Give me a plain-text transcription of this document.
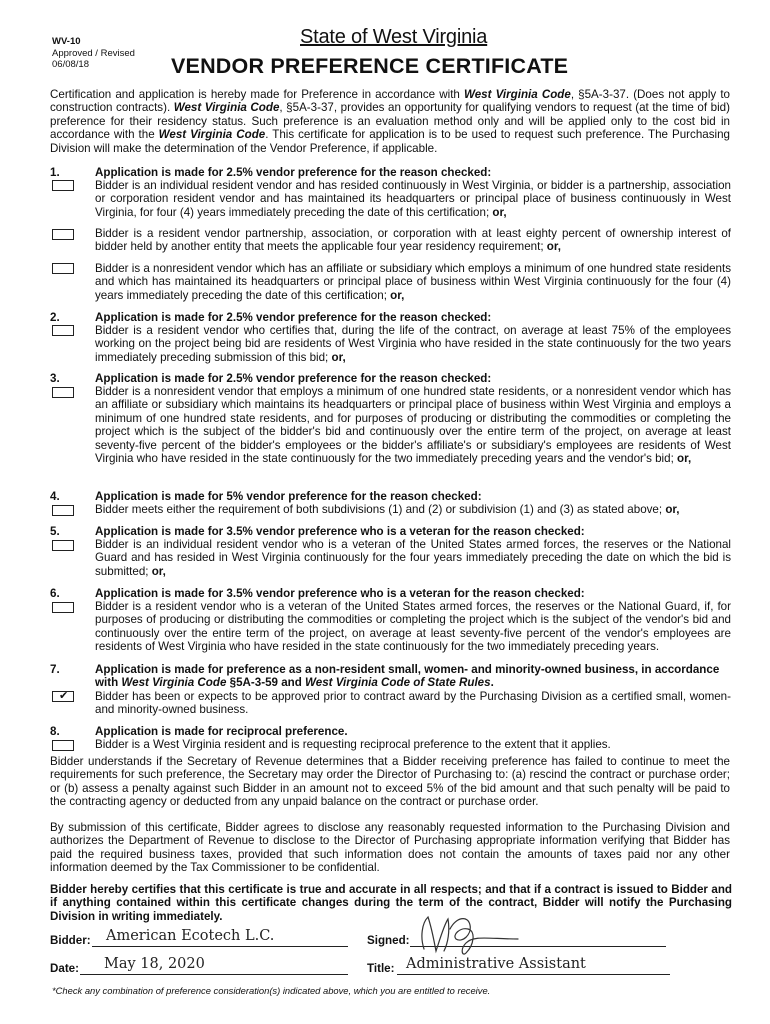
WV-10
Approved / Revised
06/08/18
State of West Virginia
VENDOR PREFERENCE CERTIFICATE

Certification and application is hereby made for Preference in accordance with West Virginia Code, §5A-3-37. (Does not apply to construction contracts). West Virginia Code, §5A-3-37, provides an opportunity for qualifying vendors to request (at the time of bid) preference for their residency status. Such preference is an evaluation method only and will be applied only to the cost bid in accordance with the West Virginia Code. This certificate for application is to be used to request such preference. The Purchasing Division will make the determination of the Vendor Preference, if applicable.

1.	Application is made for 2.5% vendor preference for the reason checked:

Bidder is an individual resident vendor and has resided continuously in West Virginia, or bidder is a partnership, association or corporation resident vendor and has maintained its headquarters or principal place of business continuously in West Virginia, for four (4) years immediately preceding the date of this certification; or,

Bidder is a resident vendor partnership, association, or corporation with at least eighty percent of ownership interest of bidder held by another entity that meets the applicable four year residency requirement; or,

Bidder is a nonresident vendor which has an affiliate or subsidiary which employs a minimum of one hundred state residents and which has maintained its headquarters or principal place of business within West Virginia continuously for the four (4) years immediately preceding the date of this certification; or,

2.	Application is made for 2.5% vendor preference for the reason checked:

Bidder is a resident vendor who certifies that, during the life of the contract, on average at least 75% of the employees working on the project being bid are residents of West Virginia who have resided in the state continuously for the two years immediately preceding submission of this bid; or,

3.	Application is made for 2.5% vendor preference for the reason checked:

Bidder is a nonresident vendor that employs a minimum of one hundred state residents, or a nonresident vendor which has an affiliate or subsidiary which maintains its headquarters or principal place of business within West Virginia and employs a minimum of one hundred state residents, and for purposes of producing or distributing the commodities or completing the project which is the subject of the bidder's bid and continuously over the entire term of the project, on average at least seventy-five percent of the bidder's employees or the bidder's affiliate's or subsidiary's employees are residents of West Virginia who have resided in the state continuously for the two immediately preceding years and the vendor's bid; or,

4.	Application is made for 5% vendor preference for the reason checked:

Bidder meets either the requirement of both subdivisions (1) and (2) or subdivision (1) and (3) as stated above; or,

5.	Application is made for 3.5% vendor preference who is a veteran for the reason checked:

Bidder is an individual resident vendor who is a veteran of the United States armed forces, the reserves or the National Guard and has resided in West Virginia continuously for the four years immediately preceding the date on which the bid is submitted; or,

6.	Application is made for 3.5% vendor preference who is a veteran for the reason checked:

Bidder is a resident vendor who is a veteran of the United States armed forces, the reserves or the National Guard, if, for purposes of producing or distributing the commodities or completing the project which is the subject of the vendor's bid and continuously over the entire term of the project, on average at least seventy-five percent of the vendor's employees are residents of West Virginia who have resided in the state continuously for the two immediately preceding years.

7.	Application is made for preference as a non-resident small, women- and minority-owned business, in accordance with West Virginia Code §5A-3-59 and West Virginia Code of State Rules.
✔ Bidder has been or expects to be approved prior to contract award by the Purchasing Division as a certified small, women- and minority-owned business.

8.	Application is made for reciprocal preference.

Bidder is a West Virginia resident and is requesting reciprocal preference to the extent that it applies.

Bidder understands if the Secretary of Revenue determines that a Bidder receiving preference has failed to continue to meet the requirements for such preference, the Secretary may order the Director of Purchasing to: (a) rescind the contract or purchase order; or (b) assess a penalty against such Bidder in an amount not to exceed 5% of the bid amount and that such penalty will be paid to the contracting agency or deducted from any unpaid balance on the contract or purchase order.

By submission of this certificate, Bidder agrees to disclose any reasonably requested information to the Purchasing Division and authorizes the Department of Revenue to disclose to the Director of Purchasing appropriate information verifying that Bidder has paid the required business taxes, provided that such information does not contain the amounts of taxes paid nor any other information deemed by the Tax Commissioner to be confidential.

Bidder hereby certifies that this certificate is true and accurate in all respects; and that if a contract is issued to Bidder and if anything contained within this certificate changes during the term of the contract, Bidder will notify the Purchasing Division in writing immediately.

Bidder: American Ecotech L.C.	Signed:
Date: May 18, 2020	Title: Administrative Assistant
*Check any combination of preference consideration(s) indicated above, which you are entitled to receive.
